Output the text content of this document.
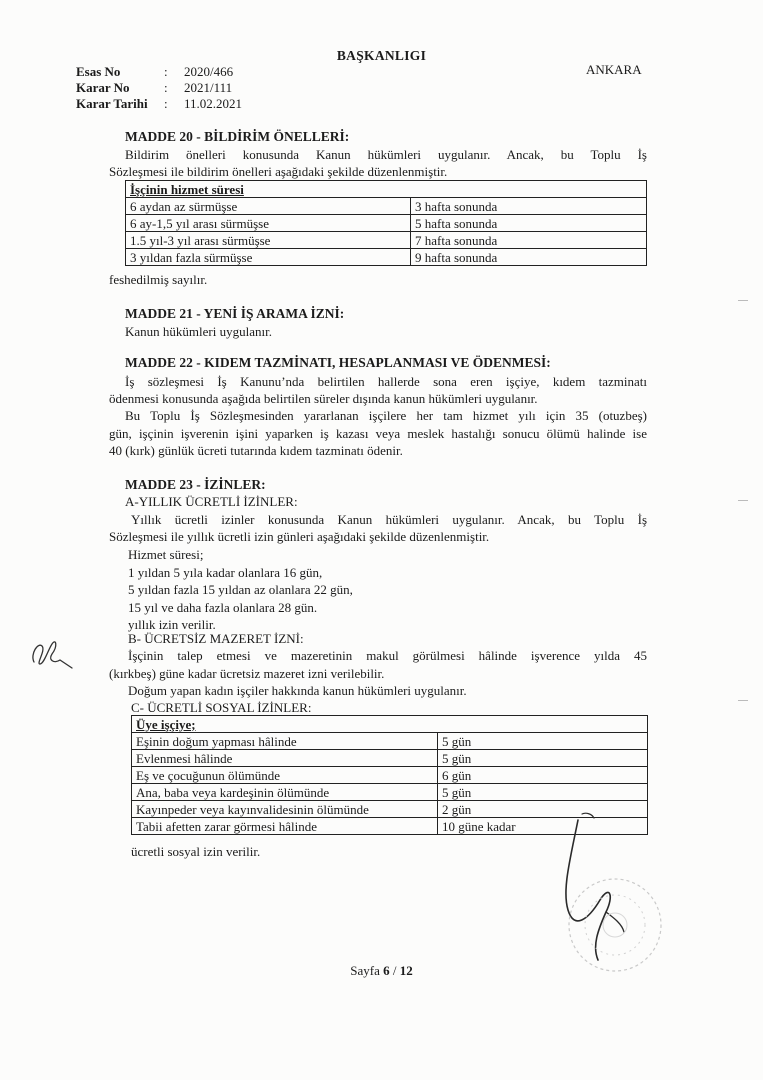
BAŞKANLIGI
ANKARA
Esas No	:	2020/466
Karar No	:	2021/111
Karar Tarihi	:	11.02.2021
MADDE 20 - BİLDİRİM ÖNELLERİ:
Bildirim önelleri konusunda Kanun hükümleri uygulanır. Ancak, bu Toplu İş
Sözleşmesi ile bildirim önelleri aşağıdaki şekilde düzenlenmiştir.
İşçinin hizmet süresi	
6 aydan az sürmüşse	3 hafta sonunda
6 ay-1,5 yıl arası sürmüşse	5 hafta sonunda
1.5 yıl-3 yıl arası sürmüşse	7 hafta sonunda
3 yıldan fazla sürmüşse	9 hafta sonunda
feshedilmiş sayılır.
MADDE 21 - YENİ İŞ ARAMA İZNİ:
Kanun hükümleri uygulanır.
MADDE 22 - KIDEM TAZMİNATI, HESAPLANMASI VE ÖDENMESİ:
İş sözleşmesi İş Kanunu’nda belirtilen hallerde sona eren işçiye, kıdem tazminatı
ödenmesi konusunda aşağıda belirtilen süreler dışında kanun hükümleri uygulanır.
Bu Toplu İş Sözleşmesinden yararlanan işçilere her tam hizmet yılı için 35 (otuzbeş)
gün, işçinin işverenin işini yaparken iş kazası veya meslek hastalığı sonucu ölümü halinde ise
40 (kırk) günlük ücreti tutarında kıdem tazminatı ödenir.
MADDE 23 - İZİNLER:
A-YILLIK ÜCRETLİ İZİNLER:
Yıllık ücretli izinler konusunda Kanun hükümleri uygulanır. Ancak, bu Toplu İş
Sözleşmesi ile yıllık ücretli izin günleri aşağıdaki şekilde düzenlenmiştir.
Hizmet süresi;
1 yıldan 5 yıla kadar olanlara 16 gün,
5 yıldan fazla 15 yıldan az olanlara 22 gün,
15 yıl ve daha fazla olanlara 28 gün.
yıllık izin verilir.
B- ÜCRETSİZ MAZERET İZNİ:
İşçinin talep etmesi ve mazeretinin makul görülmesi hâlinde işverence yılda 45
(kırkbeş) güne kadar ücretsiz mazeret izni verilebilir.
Doğum yapan kadın işçiler hakkında kanun hükümleri uygulanır.
C- ÜCRETLİ SOSYAL İZİNLER:
Üye işçiye;	
Eşinin doğum yapması hâlinde	5 gün
Evlenmesi hâlinde	5 gün
Eş ve çocuğunun ölümünde	6 gün
Ana, baba veya kardeşinin ölümünde	5 gün
Kayınpeder veya kayınvalidesinin ölümünde	2 gün
Tabii afetten zarar görmesi hâlinde	10 güne kadar
ücretli sosyal izin verilir.
Sayfa 6 / 12
